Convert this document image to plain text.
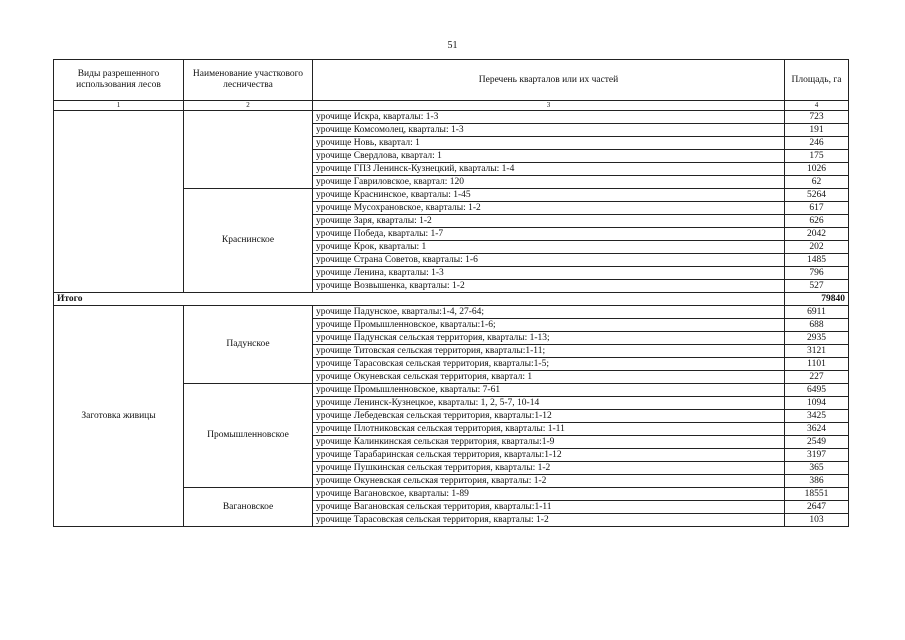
51
Виды разрешенного использования лесов	Наименование участкового лесничества	Перечень кварталов или их частей	Площадь, га
1	2	3	4
		урочище Искра, кварталы: 1-3	723
		урочище Комсомолец, кварталы: 1-3	191
		урочище Новь, квартал: 1	246
		урочище Свердлова, квартал: 1	175
		урочище ГПЗ Ленинск-Кузнецкий, кварталы: 1-4	1026
		урочище Гавриловское, квартал: 120	62
	Краснинское	урочище Краснинское, кварталы: 1-45	5264
		урочище Мусохрановское, кварталы: 1-2	617
		урочище Заря, кварталы: 1-2	626
		урочище Победа, кварталы: 1-7	2042
		урочище Крок, кварталы: 1	202
		урочище Страна Советов, кварталы: 1-6	1485
		урочище Ленина, кварталы: 1-3	796
		урочище Возвышенка, кварталы: 1-2	527
Итого			79840
Заготовка живицы	Падунское	урочище Падунское, кварталы:1-4, 27-64;	6911
		урочище Промышленновское, кварталы:1-6;	688
		урочище Падунская сельская территория, кварталы: 1-13;	2935
		урочище Титовская сельская территория, кварталы:1-11;	3121
		урочище Тарасовская сельская территория, кварталы:1-5;	1101
		урочище Окуневская сельская территория, квартал: 1	227
	Промышленновское	урочище Промышленновское, кварталы: 7-61	6495
		урочище Ленинск-Кузнецкое, кварталы: 1, 2, 5-7, 10-14	1094
		урочище Лебедевская сельская территория, кварталы:1-12	3425
		урочище Плотниковская сельская территория, кварталы: 1-11	3624
		урочище Калинкинская сельская территория, кварталы:1-9	2549
		урочище Тарабаринская сельская территория, кварталы:1-12	3197
		урочище Пушкинская сельская территория, кварталы: 1-2	365
		урочище Окуневская сельская территория, кварталы: 1-2	386
	Вагановское	урочище Вагановское, кварталы: 1-89	18551
		урочище Вагановская сельская территория, кварталы:1-11	2647
		урочище Тарасовская сельская территория, кварталы: 1-2	103
